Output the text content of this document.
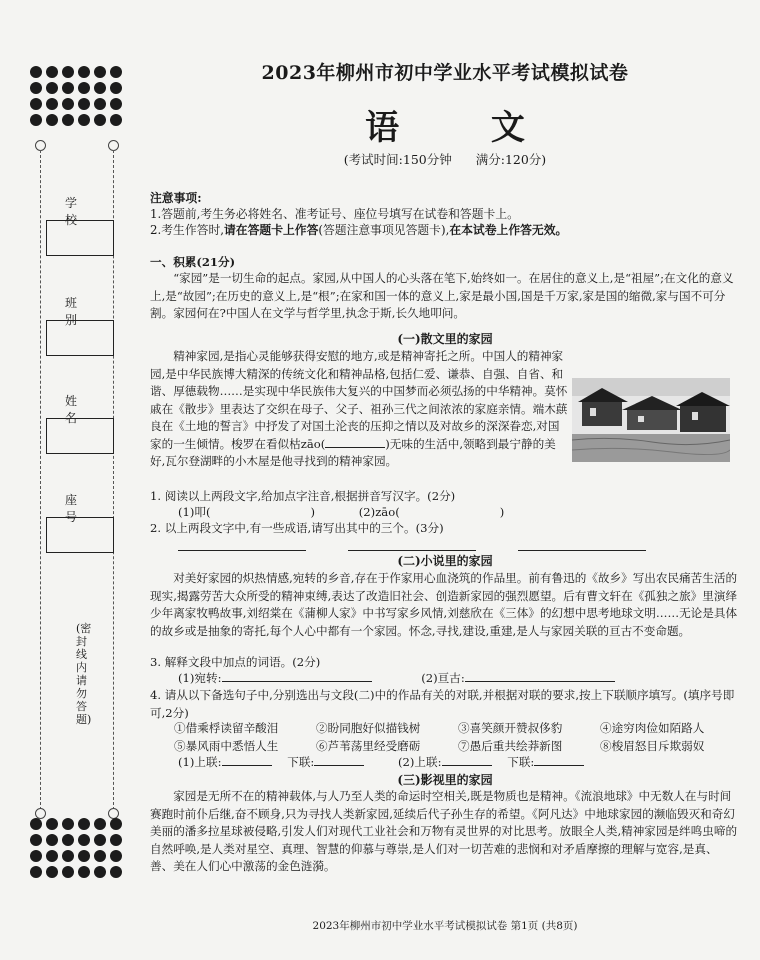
学 校
班 别
姓 名
座 号
(密封线内请勿答题)
2023年柳州市初中学业水平考试模拟试卷
语 文
(考试时间:150分钟 满分:120分)
注意事项:
1.答题前,考生务必将姓名、准考证号、座位号填写在试卷和答题卡上。
2.考生作答时,请在答题卡上作答(答题注意事项见答题卡),在本试卷上作答无效。
一、积累(21分)
“家园”是一切生命的起点。家园,从中国人的心头落在笔下,始终如一。在居住的意义上,是“祖屋”;在文化的意义上,是“故园”;在历史的意义上,是“根”;在家和国一体的意义上,家是最小国,国是千万家,家是国的缩微,家与国不可分割。家园何在?中国人在文学与哲学里,执念于斯,长久地叩问。
(一)散文里的家园
精神家园,是指心灵能够获得安慰的地方,或是精神寄托之所。中国人的精神家园,是中华民族博大精深的传统文化和精神品格,包括仁爱、谦恭、自强、自省、和谐、厚德载物……是实现中华民族伟大复兴的中国梦而必须弘扬的中华精神。莫怀戚在《散步》里表达了交织在母子、父子、祖孙三代之间浓浓的家庭亲情。端木蕻良在《土地的誓言》中抒发了对国土沦丧的压抑之情以及对故乡的深深眷恋,对国家的一生倾情。梭罗在看似枯zāo(	)无味的生活中,领略到最宁静的美好,瓦尔登湖畔的小木屋是他寻找到的精神家园。
1. 阅读以上两段文字,给加点字注音,根据拼音写汉字。(2分)
(1)叩(	)	(2)zāo(	)
2. 以上两段文字中,有一些成语,请写出其中的三个。(3分)
(二)小说里的家园
对美好家园的炽热情感,宛转的乡音,存在于作家用心血浇筑的作品里。前有鲁迅的《故乡》写出农民痛苦生活的现实,揭露劳苦大众所受的精神束缚,表达了改造旧社会、创造新家园的强烈愿望。后有曹文轩在《孤独之旅》里演绎少年离家牧鸭故事,刘绍棠在《蒲柳人家》中书写家乡风情,刘慈欣在《三体》的幻想中思考地球文明……无论是具体的故乡或是抽象的寄托,每个人心中都有一个家园。怀念,寻找,建设,重建,是人与家园关联的亘古不变命题。
3. 解释文段中加点的词语。(2分)
(1)宛转:	(2)亘古:
4. 请从以下备选句子中,分别选出与文段(二)中的作品有关的对联,并根据对联的要求,按上下联顺序填写。(填序号即可,2分)
①借乘桴读留辛酸泪	②盼同胞好似描钱树	③喜笑颜开赞叔侈豹	④途穷肉俭如陌路人
⑤暴风雨中悉悟人生	⑥芦苇荡里经受磨砺	⑦愚后重共绘莽新图	⑧梭眉怒目斥欺弱奴
(1)上联:	下联:	(2)上联:	下联:
(三)影视里的家园
家园是无所不在的精神载体,与人乃至人类的命运时空相关,既是物质也是精神。《流浪地球》中无数人在与时间赛跑时前仆后继,奋不顾身,只为寻找人类新家园,延续后代子孙生存的希望。《阿凡达》中地球家园的濒临毁灭和奇幻美丽的潘多拉星球被侵略,引发人们对现代工业社会和万物有灵世界的对比思考。放眼全人类,精神家园是绊鸣虫啼的自然呼唤,是人类对星空、真理、智慧的仰慕与尊崇,是人们对一切苦难的悲悯和对矛盾摩擦的理解与宽容,是真、善、美在人们心中激荡的金色涟漪。
2023年柳州市初中学业水平考试模拟试卷 第1页 (共8页)
